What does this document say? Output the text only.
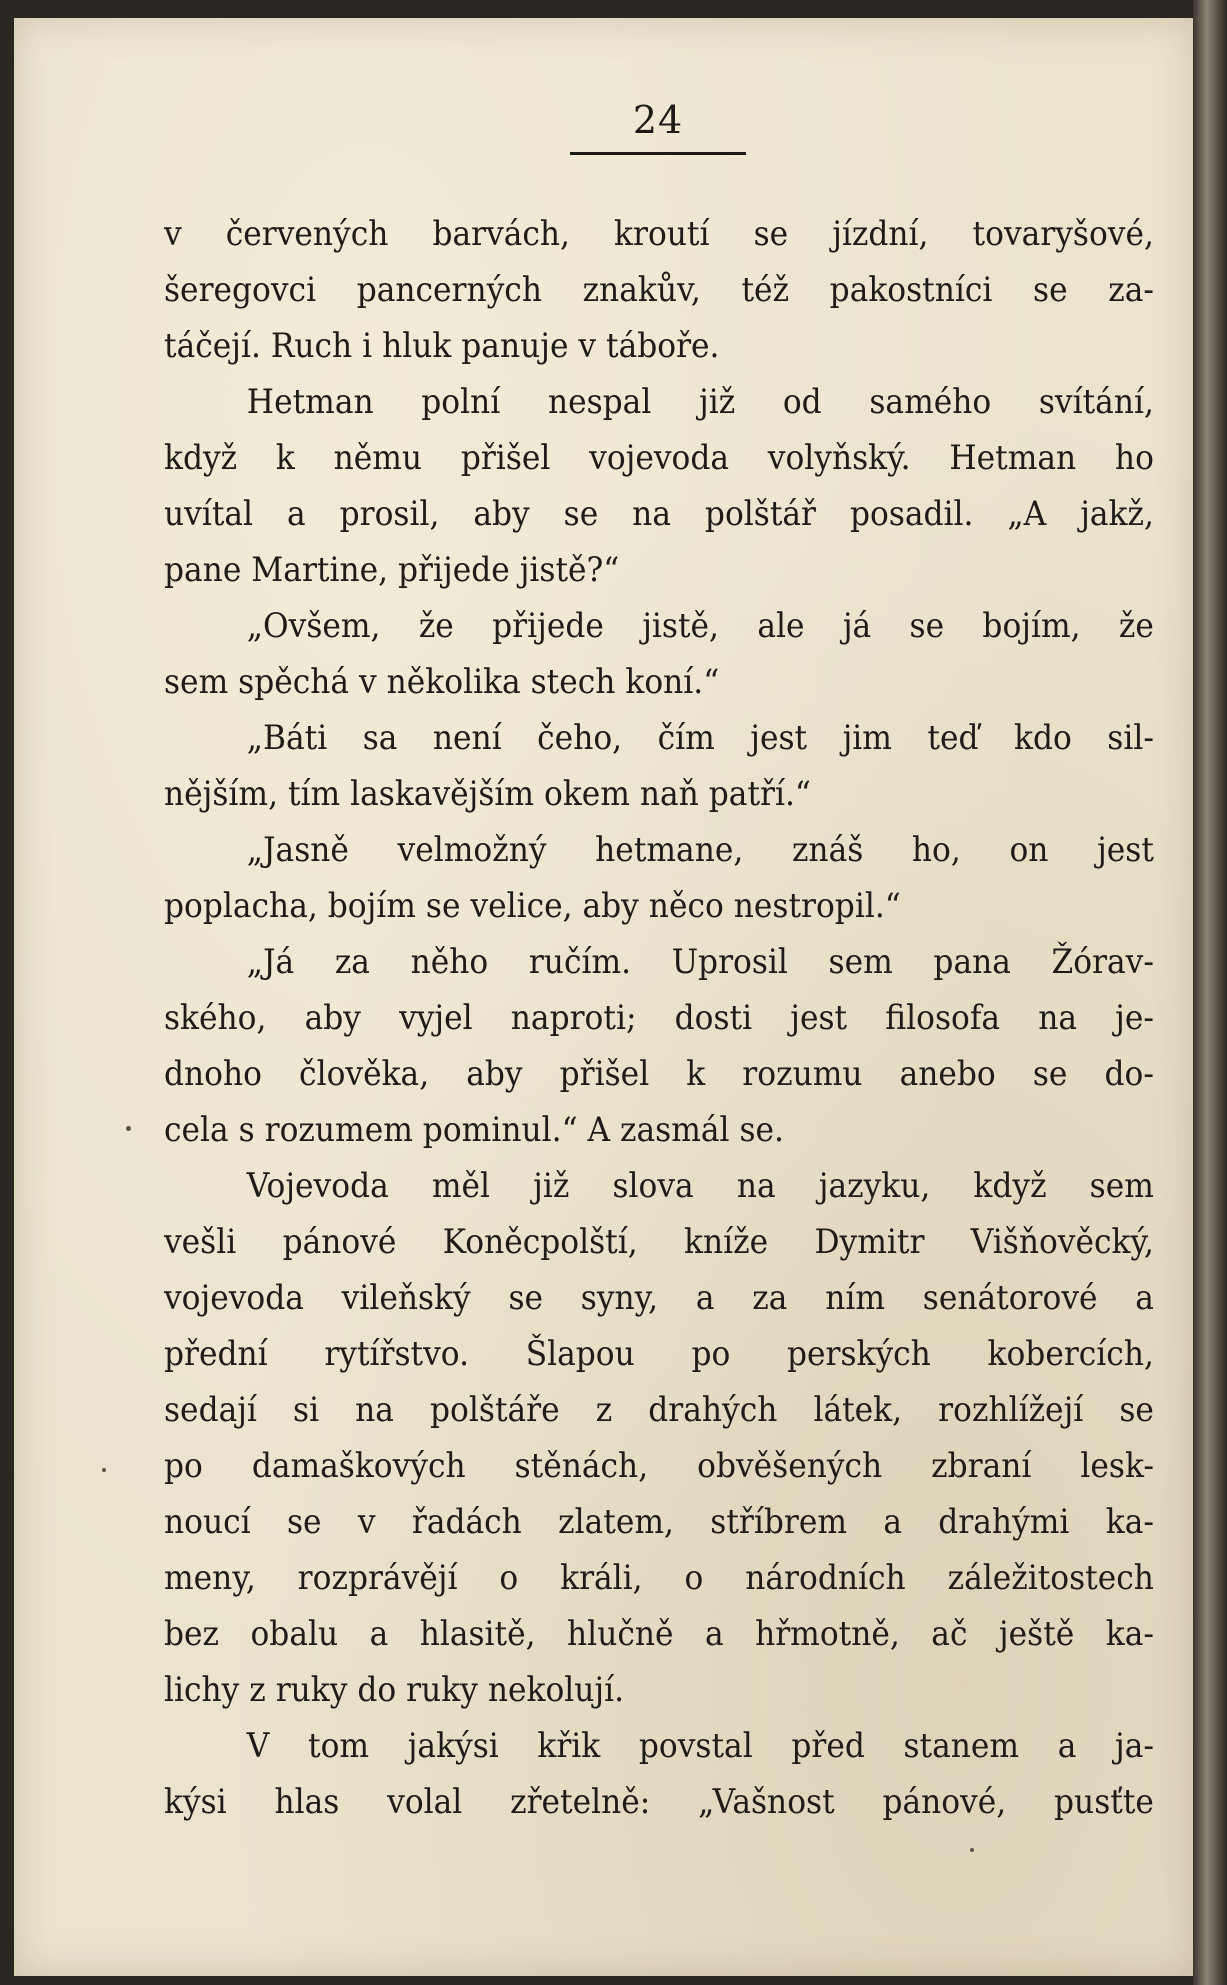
24
v červených barvách, kroutí se jízdní, tovaryšové,
šeregovci pancerných znakův, též pakostníci se za-
táčejí. Ruch i hluk panuje v táboře.
Hetman polní nespal již od samého svítání,
když k němu přišel vojevoda volyňský. Hetman ho
uvítal a prosil, aby se na polštář posadil. „A jakž,
pane Martine, přijede jistě?“
„Ovšem, že přijede jistě, ale já se bojím, že
sem spěchá v několika stech koní.“
„Báti sa není čeho, čím jest jim teď kdo sil-
nějším, tím laskavějším okem naň patří.“
„Jasně velmožný hetmane, znáš ho, on jest
poplacha, bojím se velice, aby něco nestropil.“
„Já za něho ručím. Uprosil sem pana Žórav-
ského, aby vyjel naproti; dosti jest filosofa na je-
dnoho člověka, aby přišel k rozumu anebo se do-
cela s rozumem pominul.“ A zasmál se.
Vojevoda měl již slova na jazyku, když sem
vešli pánové Koněcpolští, kníže Dymitr Višňověcký,
vojevoda vileňský se syny, a za ním senátorové a
přední rytířstvo. Šlapou po perských kobercích,
sedají si na polštáře z drahých látek, rozhlížejí se
po damaškových stěnách, obvěšených zbraní lesk-
noucí se v řadách zlatem, stříbrem a drahými ka-
meny, rozprávějí o králi, o národních záležitostech
bez obalu a hlasitě, hlučně a hřmotně, ač ještě ka-
lichy z ruky do ruky nekolují.
V tom jakýsi křik povstal před stanem a ja-
kýsi hlas volal zřetelně: „Vašnost pánové, pusťte
